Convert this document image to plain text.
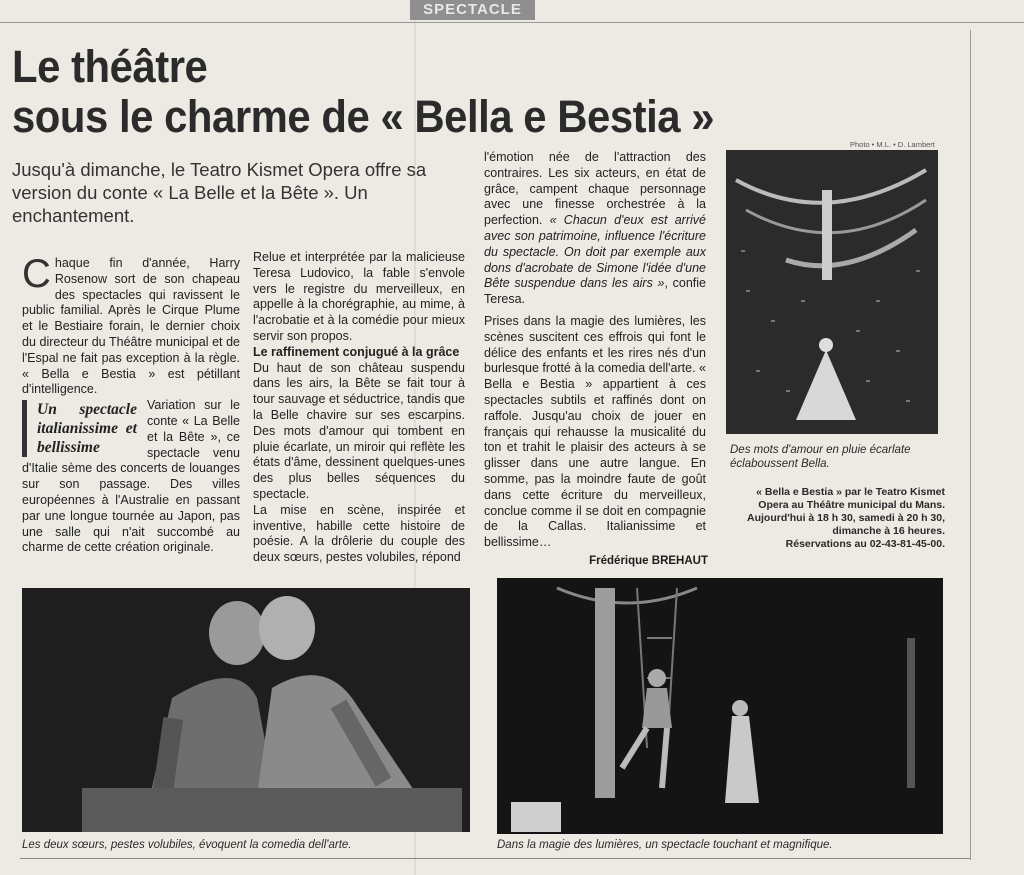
SPECTACLE
Le théâtre
sous le charme de « Bella e Bestia »
Jusqu'à dimanche, le Teatro Kismet Opera offre sa version du conte « La Belle et la Bête ». Un enchantement.

Chaque fin d'année, Harry Rosenow sort de son chapeau des spectacles qui ravissent le public familial. Après le Cirque Plume et le Bestiaire forain, le dernier choix du directeur du Théâtre municipal et de l'Espal ne fait pas exception à la règle. « Bella e Bestia » est pétillant d'intelligence.

Un spectacle italianissime et bellissime

Variation sur le conte « La Belle et la Bête », ce spectacle venu d'Italie sème des concerts de louanges sur son passage. Des villes européennes à l'Australie en passant par une longue tournée au Japon, pas une salle qui n'ait succombé au charme de cette création originale.

Relue et interprétée par la malicieuse Teresa Ludovico, la fable s'envole vers le registre du merveilleux, en appelle à la chorégraphie, au mime, à l'acrobatie et à la comédie pour mieux servir son propos.

Le raffinement conjugué à la grâce

Du haut de son château suspendu dans les airs, la Bête se fait tour à tour sauvage et séductrice, tandis que la Belle chavire sur ses escarpins. Des mots d'amour qui tombent en pluie écarlate, un miroir qui reflète les états d'âme, dessinent quelques-unes des plus belles séquences du spectacle.

La mise en scène, inspirée et inventive, habille cette histoire de poésie. A la drôlerie du couple des deux sœurs, pestes volubiles, répond

l'émotion née de l'attraction des contraires. Les six acteurs, en état de grâce, campent chaque personnage avec une finesse orchestrée à la perfection. « Chacun d'eux est arrivé avec son patrimoine, influence l'écriture du spectacle. On doit par exemple aux dons d'acrobate de Simone l'idée d'une Bête suspendue dans les airs », confie Teresa.

Prises dans la magie des lumières, les scènes suscitent ces effrois qui font le délice des enfants et les rires nés d'un burlesque frotté à la comedia dell'arte. « Bella e Bestia » appartient à ces spectacles subtils et raffinés dont on raffole. Jusqu'au choix de jouer en français qui rehausse la musicalité du ton et trahit le plaisir des acteurs à se glisser dans une autre langue. En somme, pas la moindre faute de goût dans cette écriture du merveilleux, conclue comme il se doit en compagnie de la Callas. Italianissime et bellissime…

Frédérique BREHAUT
Photo • M.L. • D. Lambert
Des mots d'amour en pluie écarlate éclaboussent Bella.
« Bella e Bestia » par le Teatro Kismet
Opera au Théâtre municipal du Mans.
Aujourd'hui à 18 h 30, samedi à 20 h 30,
dimanche à 16 heures.
Réservations au 02-43-81-45-00.
Les deux sœurs, pestes volubiles, évoquent la comedia dell'arte.	Dans la magie des lumières, un spectacle touchant et magnifique.
